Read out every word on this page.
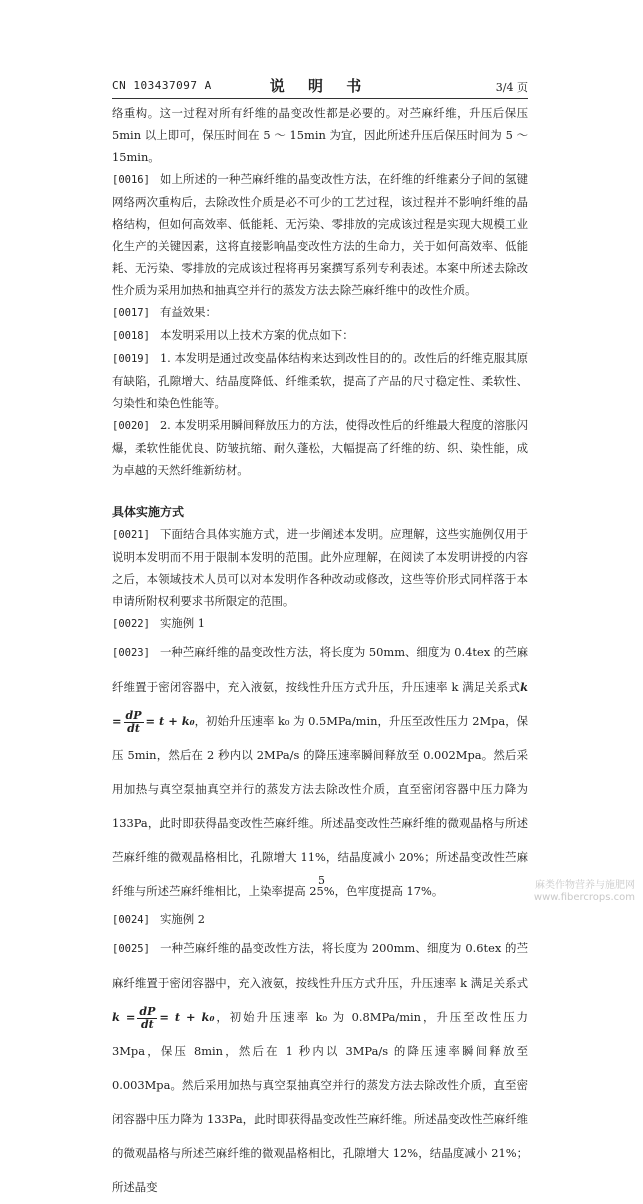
CN 103437097 A	说 明 书	3/4 页

络重构。这一过程对所有纤维的晶变改性都是必要的。对苎麻纤维，升压后保压 5min 以上即可，保压时间在 5 ～ 15min 为宜，因此所述升压后保压时间为 5 ～ 15min。

[0016] 如上所述的一种苎麻纤维的晶变改性方法，在纤维的纤维素分子间的氢键网络两次重构后，去除改性介质是必不可少的工艺过程，该过程并不影响纤维的晶格结构，但如何高效率、低能耗、无污染、零排放的完成该过程是实现大规模工业化生产的关键因素，这将直接影响晶变改性方法的生命力，关于如何高效率、低能耗、无污染、零排放的完成该过程将再另案撰写系列专利表述。本案中所述去除改性介质为采用加热和抽真空并行的蒸发方法去除苎麻纤维中的改性介质。

[0017] 有益效果：

[0018] 本发明采用以上技术方案的优点如下：

[0019] 1. 本发明是通过改变晶体结构来达到改性目的的。改性后的纤维克服其原有缺陷，孔隙增大、结晶度降低、纤维柔软，提高了产品的尺寸稳定性、柔软性、匀染性和染色性能等。

[0020] 2. 本发明采用瞬间释放压力的方法，使得改性后的纤维最大程度的溶胀闪爆，柔软性能优良、防皱抗缩、耐久蓬松，大幅提高了纤维的纺、织、染性能，成为卓越的天然纤维新纺材。

具体实施方式

[0021] 下面结合具体实施方式，进一步阐述本发明。应理解，这些实施例仅用于说明本发明而不用于限制本发明的范围。此外应理解，在阅读了本发明讲授的内容之后，本领域技术人员可以对本发明作各种改动或修改，这些等价形式同样落于本申请所附权利要求书所限定的范围。

[0022] 实施例 1

[0023] 一种苎麻纤维的晶变改性方法，将长度为 50mm、细度为 0.4tex 的苎麻纤维置于密闭容器中，充入液氨，按线性升压方式升压，升压速率 k 满足关系式$k = \frac{dP}{dt} = t + k_0$，初始升压速率 k₀ 为 0.5MPa/min，升压至改性压力 2Mpa，保压 5min，然后在 2 秒内以 2MPa/s 的降压速率瞬间释放至 0.002Mpa。然后采用加热与真空泵抽真空并行的蒸发方法去除改性介质，直至密闭容器中压力降为 133Pa，此时即获得晶变改性苎麻纤维。所述晶变改性苎麻纤维的微观晶格与所述苎麻纤维的微观晶格相比，孔隙增大 11%，结晶度减小 20%；所述晶变改性苎麻纤维与所述苎麻纤维相比，上染率提高 25%，色牢度提高 17%。

[0024] 实施例 2

[0025] 一种苎麻纤维的晶变改性方法，将长度为 200mm、细度为 0.6tex 的苎麻纤维置于密闭容器中，充入液氨，按线性升压方式升压，升压速率 k 满足关系式$k = \frac{dP}{dt} = t + k_0$，初始升压速率 k₀ 为 0.8MPa/min，升压至改性压力 3Mpa，保压 8min，然后在 1 秒内以 3MPa/s 的降压速率瞬间释放至 0.003Mpa。然后采用加热与真空泵抽真空并行的蒸发方法去除改性介质，直至密闭容器中压力降为 133Pa，此时即获得晶变改性苎麻纤维。所述晶变改性苎麻纤维的微观晶格与所述苎麻纤维的微观晶格相比，孔隙增大 12%，结晶度减小 21%；所述晶变

5	麻类作物营养与施肥网
www.fibercrops.com
